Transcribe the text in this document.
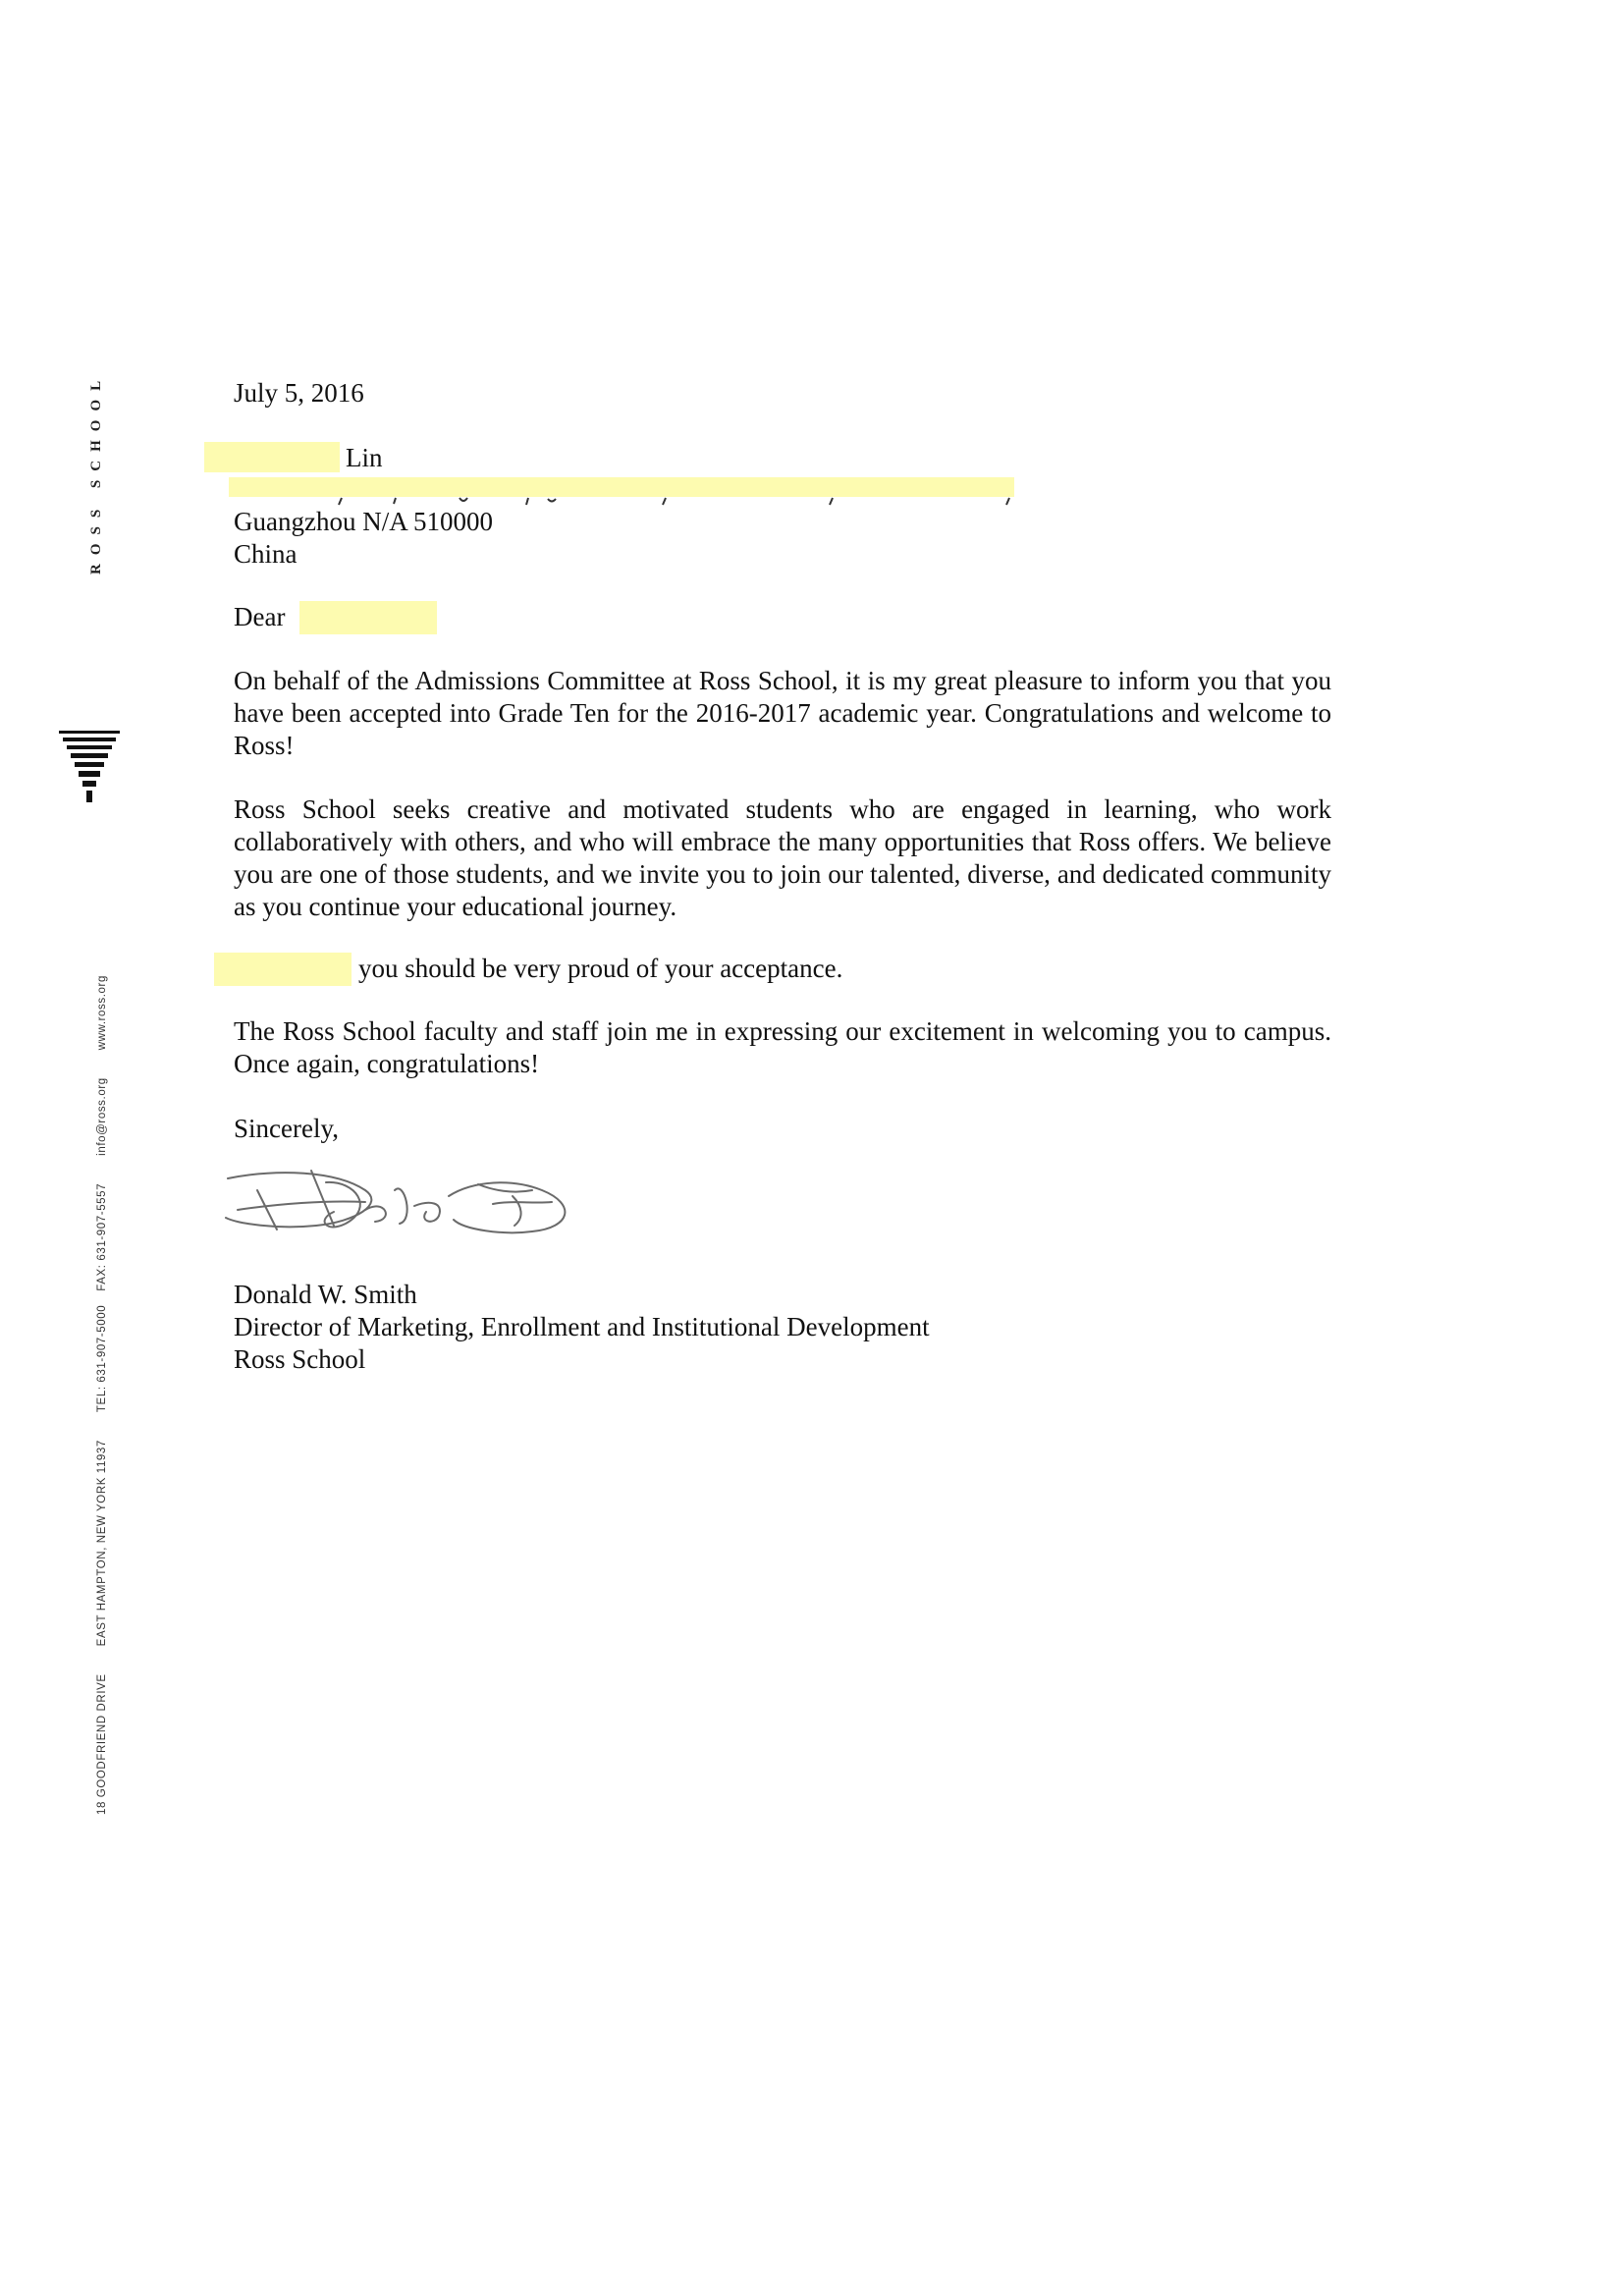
ROSS SCHOOL
18 GOODFRIEND DRIVEEAST HAMPTON, NEW YORK 11937TEL: 631-907-5000FAX: 631-907-5557info@ross.orgwww.ross.org
July 5, 2016
Lin
Guangzhou N/A 510000
China
Dear
On behalf of the Admissions Committee at Ross School, it is my great pleasure to inform you that you have been accepted into Grade Ten for the 2016-2017 academic year. Congratulations and welcome to Ross!
Ross School seeks creative and motivated students who are engaged in learning, who work collaboratively with others, and who will embrace the many opportunities that Ross offers. We believe you are one of those students, and we invite you to join our talented, diverse, and dedicated community as you continue your educational journey.
you should be very proud of your acceptance.
The Ross School faculty and staff join me in expressing our excitement in welcoming you to campus. Once again, congratulations!
Sincerely,
Donald W. Smith
Director of Marketing, Enrollment and Institutional Development
Ross School
